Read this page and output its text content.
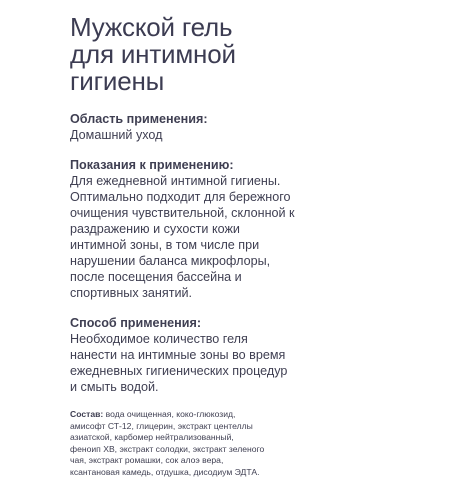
Мужской гель
для интимной
гигиены
Область применения:
Домашний уход
Показания к применению:
Для ежедневной интимной гигиены.
Оптимально подходит для бережного
очищения чувствительной, склонной к
раздражению и сухости кожи
интимной зоны, в том числе при
нарушении баланса микрофлоры,
после посещения бассейна и
спортивных занятий.
Способ применения:
Необходимое количество геля
нанести на интимные зоны во время
ежедневных гигиенических процедур
и смыть водой.
Состав: вода очищенная, коко-глюкозид,
амисофт СТ-12, глицерин, экстракт центеллы
азиатской, карбомер нейтрализованный,
феноип ХВ, экстракт солодки, экстракт зеленого
чая, экстракт ромашки, сок алоэ вера,
ксантановая камедь, отдушка, дисодиум ЭДТА.
